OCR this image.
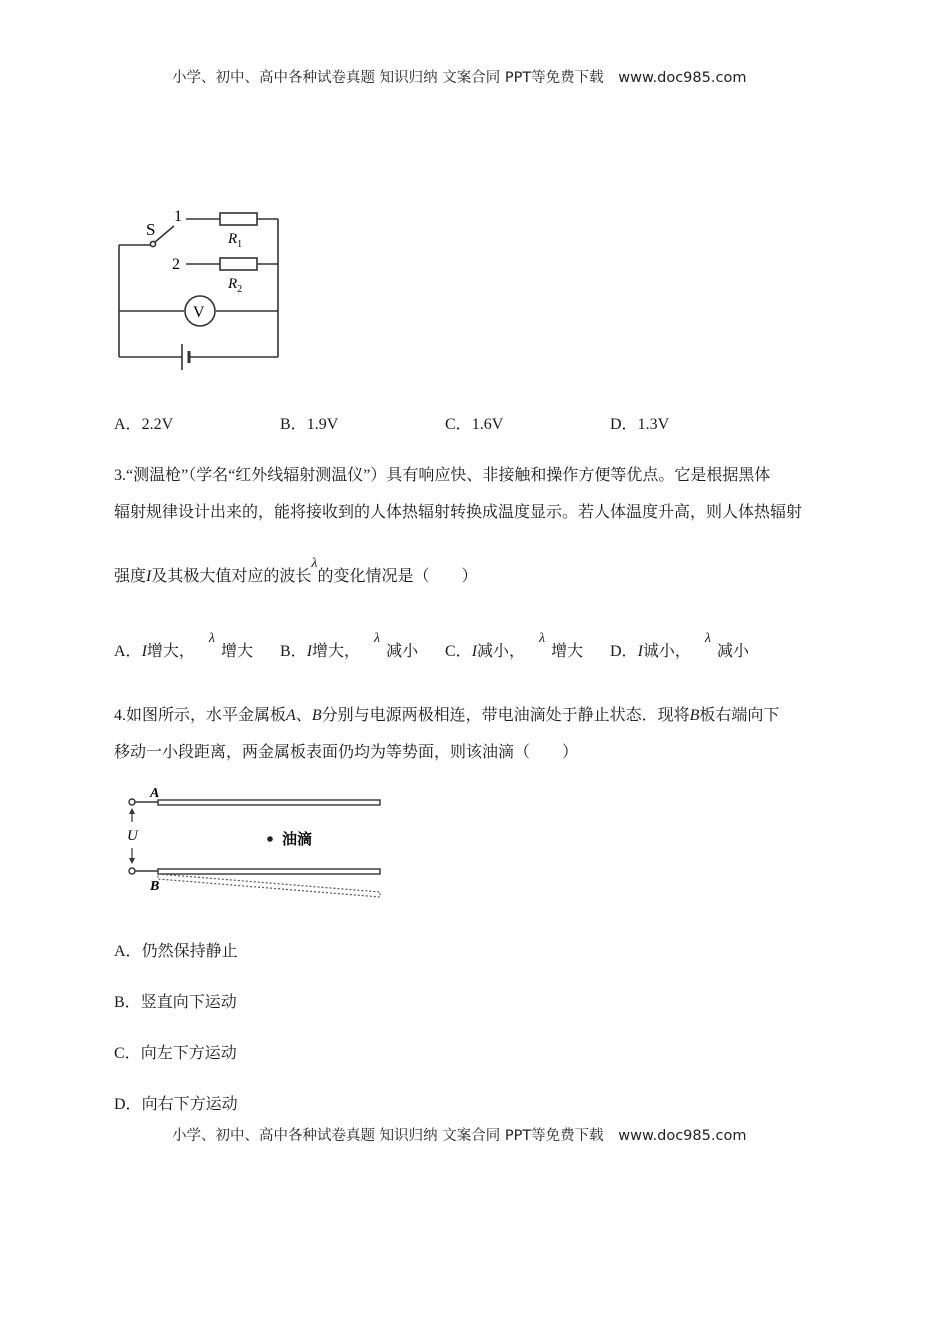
小学、初中、高中各种试卷真题 知识归纳 文案合同 PPT等免费下载 www.doc985.com
S
1
2
$R_1$
$R_2$
V
A．2.2V	B．1.9V	C．1.6V	D．1.3V
3.“测温枪”（学名“红外线辐射测温仪”）具有响应快、非接触和操作方便等优点。它是根据黑体
辐射规律设计出来的，能将接收到的人体热辐射转换成温度显示。若人体温度升高，则人体热辐射
强度I及其极大值对应的波长λ的变化情况是（　　）
A．I增大，λ增大 B．I增大，λ减小 C．I减小，λ增大 D．I诚小，λ减小
4.如图所示，水平金属板A、B分别与电源两极相连，带电油滴处于静止状态．现将B板右端向下
移动一小段距离，两金属板表面仍均为等势面，则该油滴（　　）
U
A
B
油滴
A．仍然保持静止
B．竖直向下运动
C．向左下方运动
D．向右下方运动
小学、初中、高中各种试卷真题 知识归纳 文案合同 PPT等免费下载 www.doc985.com
